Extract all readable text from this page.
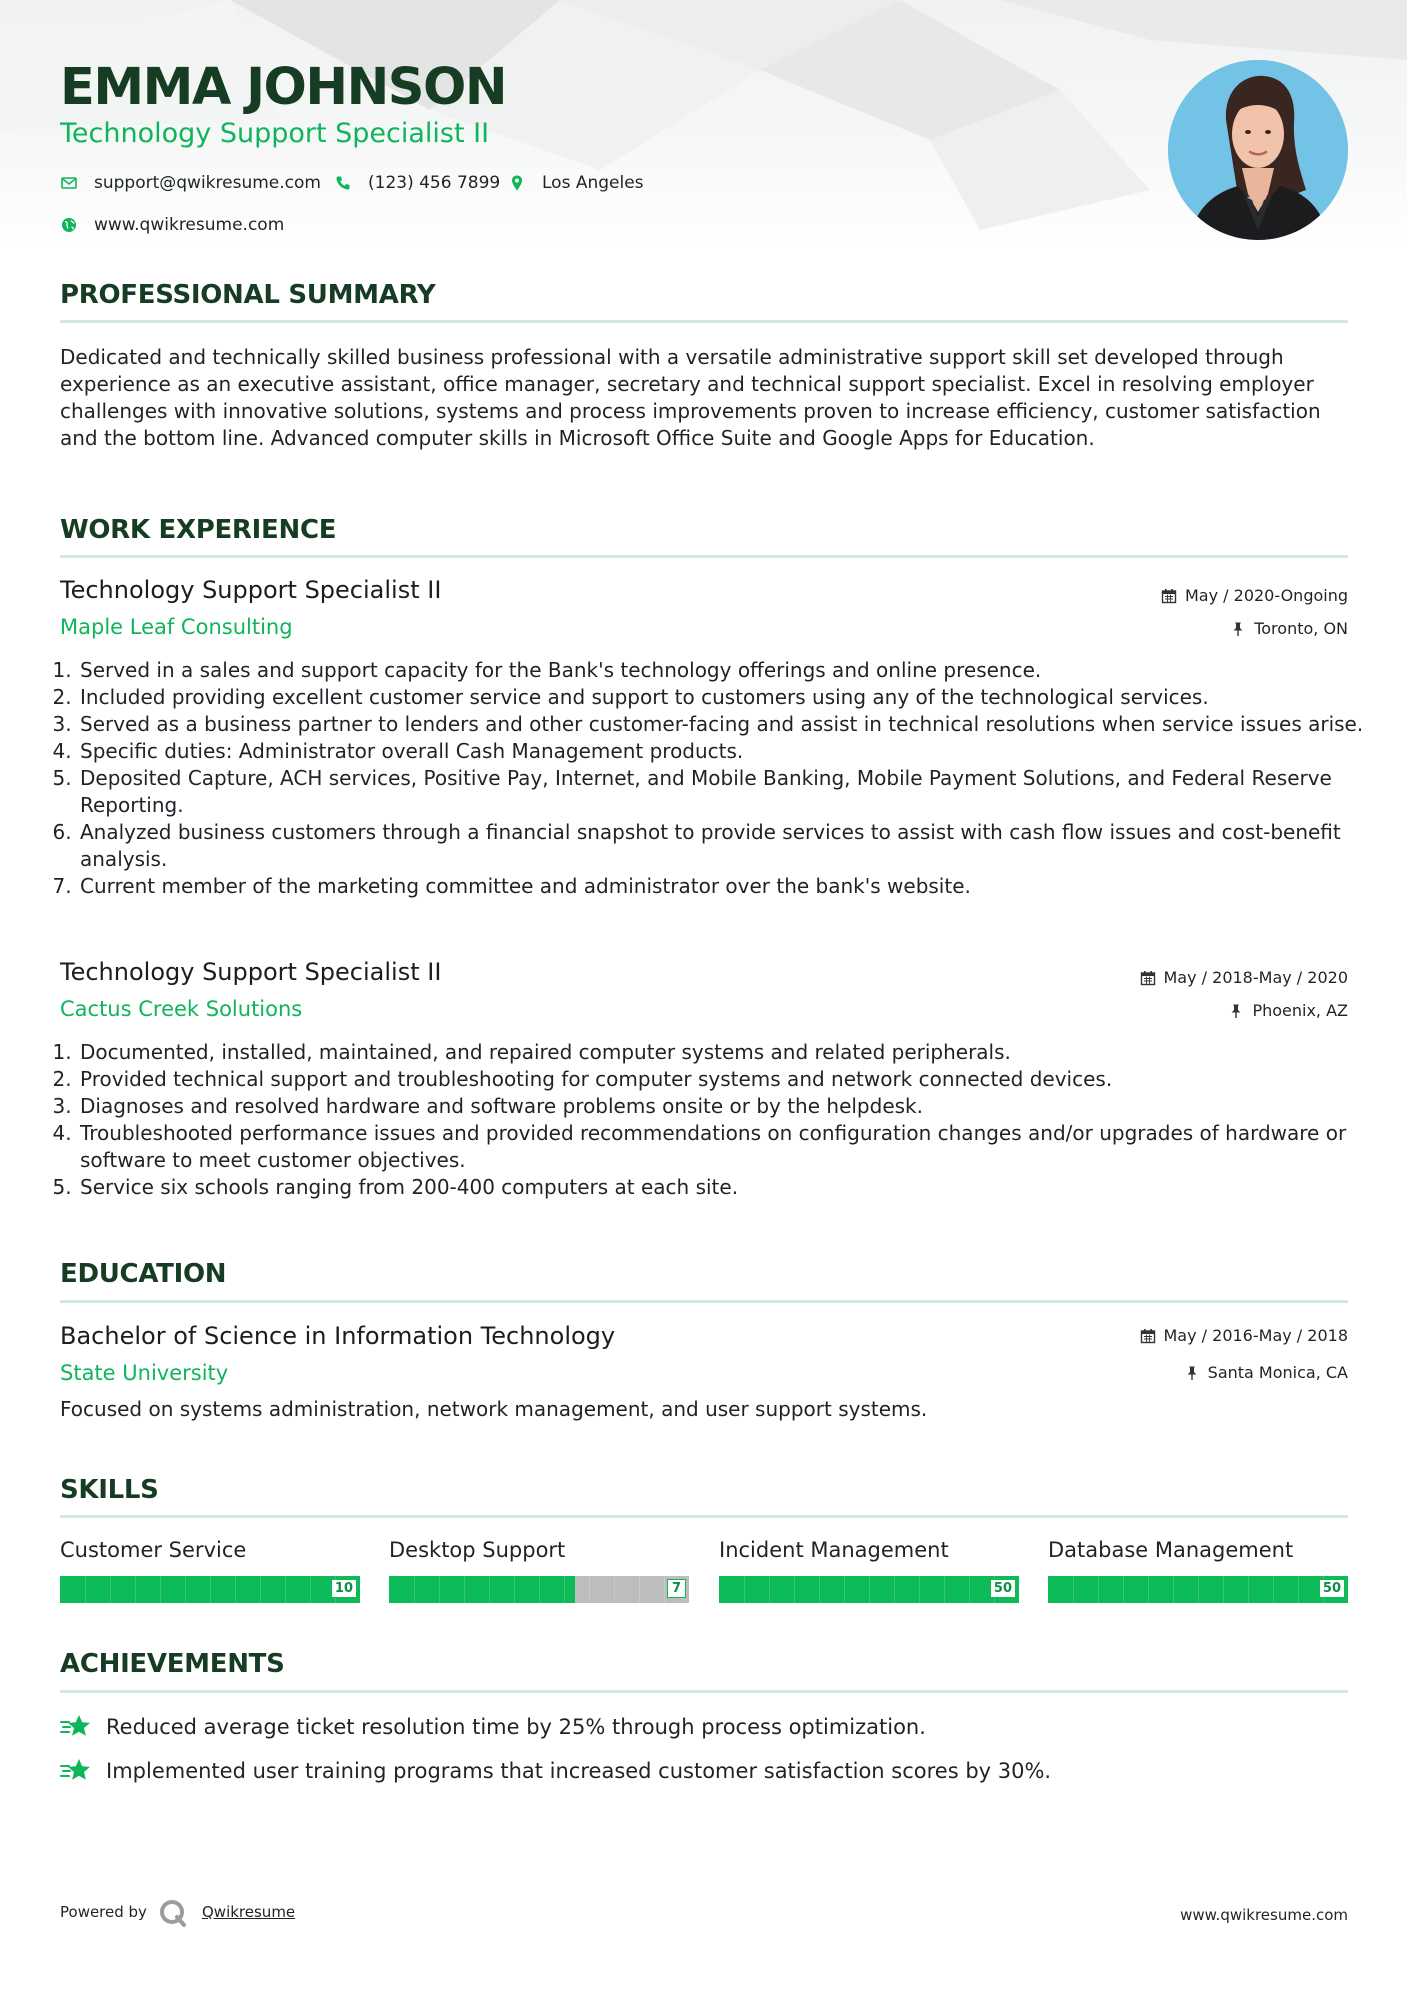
EMMA JOHNSON
Technology Support Specialist II
support@qwikresume.com	(123) 456 7899 Los Angeles
www.qwikresume.com
PROFESSIONAL SUMMARY

Dedicated and technically skilled business professional with a versatile administrative support skill set developed through experience as an executive assistant, office manager, secretary and technical support specialist. Excel in resolving employer challenges with innovative solutions, systems and process improvements proven to increase efficiency, customer satisfaction and the bottom line. Advanced computer skills in Microsoft Office Suite and Google Apps for Education.

WORK EXPERIENCE
Technology Support Specialist II
Maple Leaf Consulting
May / 2020-Ongoing
Toronto, ON
1. Served in a sales and support capacity for the Bank's technology offerings and online presence.
2. Included providing excellent customer service and support to customers using any of the technological services.
3. Served as a business partner to lenders and other customer-facing and assist in technical resolutions when service issues arise.
4. Specific duties: Administrator overall Cash Management products.
5. Deposited Capture, ACH services, Positive Pay, Internet, and Mobile Banking, Mobile Payment Solutions, and Federal Reserve Reporting.
6. Analyzed business customers through a financial snapshot to provide services to assist with cash flow issues and cost-benefit analysis.
7. Current member of the marketing committee and administrator over the bank's website.
Technology Support Specialist II
Cactus Creek Solutions
May / 2018-May / 2020
Phoenix, AZ
1. Documented, installed, maintained, and repaired computer systems and related peripherals.
2. Provided technical support and troubleshooting for computer systems and network connected devices.
3. Diagnoses and resolved hardware and software problems onsite or by the helpdesk.
4. Troubleshooted performance issues and provided recommendations on configuration changes and/or upgrades of hardware or software to meet customer objectives.
5. Service six schools ranging from 200-400 computers at each site.
EDUCATION
Bachelor of Science in Information Technology
State University
May / 2016-May / 2018
Santa Monica, CA

Focused on systems administration, network management, and user support systems.

SKILLS
Customer Service
10
Desktop Support
7
Incident Management
50
Database Management
50
ACHIEVEMENTS
Reduced average ticket resolution time by 25% through process optimization.
Implemented user training programs that increased customer satisfaction scores by 30%.
Powered by	Qwikresume	www.qwikresume.com
